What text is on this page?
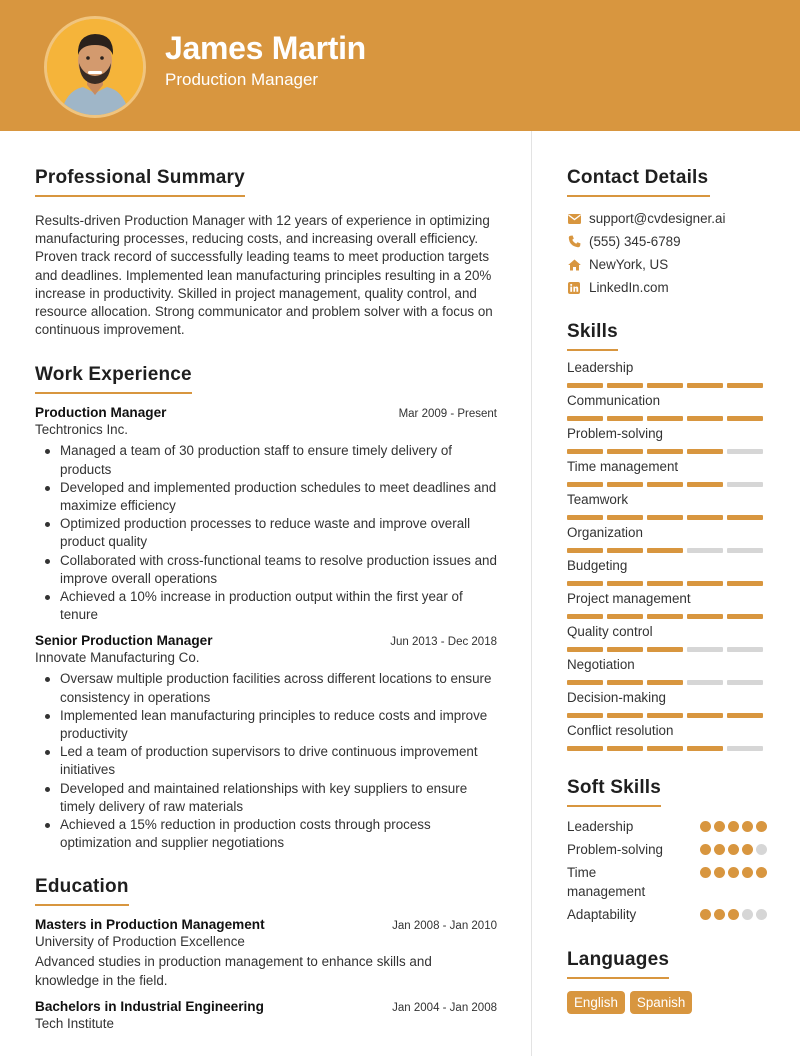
James Martin
Production Manager
Professional Summary

Results-driven Production Manager with 12 years of experience in optimizing manufacturing processes, reducing costs, and increasing overall efficiency. Proven track record of successfully leading teams to meet production targets and deadlines. Implemented lean manufacturing principles resulting in a 20% increase in productivity. Skilled in project management, quality control, and resource allocation. Strong communicator and problem solver with a focus on continuous improvement.

Work Experience
Production Manager	Mar 2009 - Present
Techtronics Inc.
Managed a team of 30 production staff to ensure timely delivery of products
Developed and implemented production schedules to meet deadlines and maximize efficiency
Optimized production processes to reduce waste and improve overall product quality
Collaborated with cross-functional teams to resolve production issues and improve overall operations
Achieved a 10% increase in production output within the first year of tenure
Senior Production Manager	Jun 2013 - Dec 2018
Innovate Manufacturing Co.
Oversaw multiple production facilities across different locations to ensure consistency in operations
Implemented lean manufacturing principles to reduce costs and improve productivity
Led a team of production supervisors to drive continuous improvement initiatives
Developed and maintained relationships with key suppliers to ensure timely delivery of raw materials
Achieved a 15% reduction in production costs through process optimization and supplier negotiations
Education
Masters in Production Management	Jan 2008 - Jan 2010
University of Production Excellence
Advanced studies in production management to enhance skills and knowledge in the field.
Bachelors in Industrial Engineering	Jan 2004 - Jan 2008
Tech Institute
Contact Details
support@cvdesigner.ai
(555) 345-6789
NewYork, US
LinkedIn.com
Skills
Leadership
Communication
Problem-solving
Time management
Teamwork
Organization
Budgeting
Project management
Quality control
Negotiation
Decision-making
Conflict resolution
Soft Skills
Leadership
Problem-solving
Time management
Adaptability
Languages
English	Spanish
